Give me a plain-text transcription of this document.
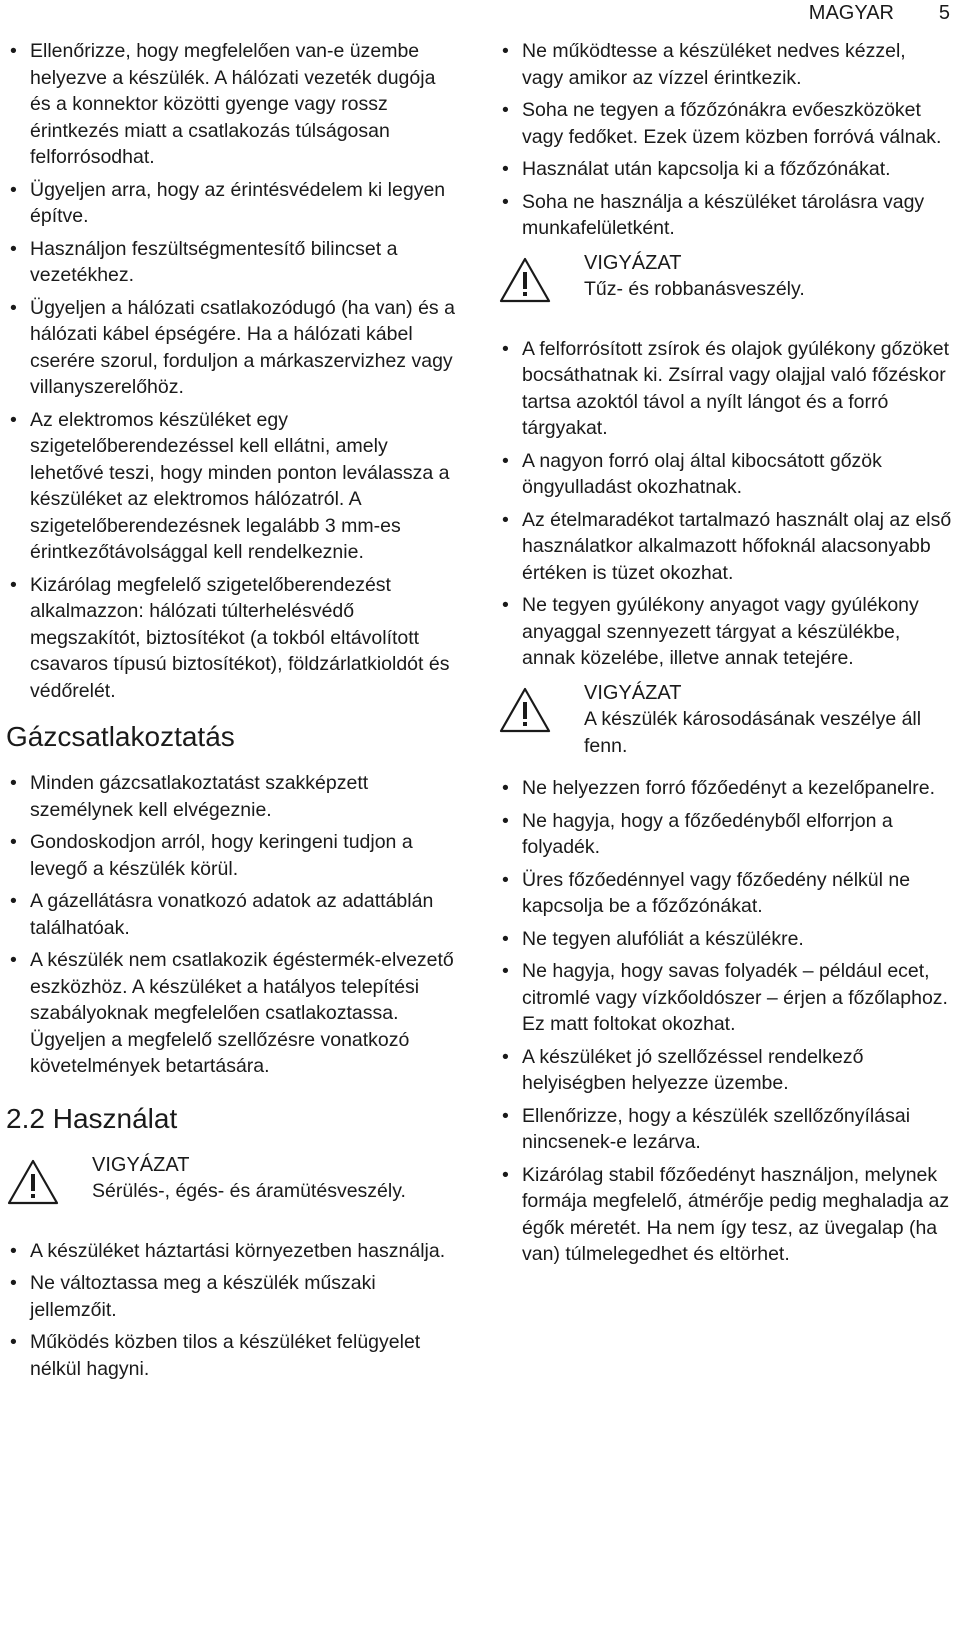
MAGYAR 5
• Ellenőrizze, hogy megfelelően van-e üzembe helyezve a készülék. A hálózati vezeték dugója és a konnektor közötti gyenge vagy rossz érintkezés miatt a csatlakozás túlságosan felforrósodhat.
• Ügyeljen arra, hogy az érintésvédelem ki legyen építve.
• Használjon feszültségmentesítő bilincset a vezetékhez.
• Ügyeljen a hálózati csatlakozódugó (ha van) és a hálózati kábel épségére. Ha a hálózati kábel cserére szorul, forduljon a márkaszervizhez vagy villanyszerelőhöz.
• Az elektromos készüléket egy szigetelőberendezéssel kell ellátni, amely lehetővé teszi, hogy minden ponton leválassza a készüléket az elektromos hálózatról. A szigetelőberendezésnek legalább 3 mm-es érintkezőtávolsággal kell rendelkeznie.
• Kizárólag megfelelő szigetelőberendezést alkalmazzon: hálózati túlterhelésvédő megszakítót, biztosítékot (a tokból eltávolított csavaros típusú biztosítékot), földzárlatkioldót és védőrelét.
Gázcsatlakoztatás
• Minden gázcsatlakoztatást szakképzett személynek kell elvégeznie.
• Gondoskodjon arról, hogy keringeni tudjon a levegő a készülék körül.
• A gázellátásra vonatkozó adatok az adattáblán találhatóak.
• A készülék nem csatlakozik égéstermék-elvezető eszközhöz. A készüléket a hatályos telepítési szabályoknak megfelelően csatlakoztassa. Ügyeljen a megfelelő szellőzésre vonatkozó követelmények betartására.
2.2 Használat
VIGYÁZAT
Sérülés-, égés- és áramütésveszély.
• A készüléket háztartási környezetben használja.
• Ne változtassa meg a készülék műszaki jellemzőit.
• Működés közben tilos a készüléket felügyelet nélkül hagyni.
• Ne működtesse a készüléket nedves kézzel, vagy amikor az vízzel érintkezik.
• Soha ne tegyen a főzőzónákra evőeszközöket vagy fedőket. Ezek üzem közben forróvá válnak.
• Használat után kapcsolja ki a főzőzónákat.
• Soha ne használja a készüléket tárolásra vagy munkafelületként.
VIGYÁZAT
Tűz- és robbanásveszély.
• A felforrósított zsírok és olajok gyúlékony gőzöket bocsáthatnak ki. Zsírral vagy olajjal való főzéskor tartsa azoktól távol a nyílt lángot és a forró tárgyakat.
• A nagyon forró olaj által kibocsátott gőzök öngyulladást okozhatnak.
• Az ételmaradékot tartalmazó használt olaj az első használatkor alkalmazott hőfoknál alacsonyabb értéken is tüzet okozhat.
• Ne tegyen gyúlékony anyagot vagy gyúlékony anyaggal szennyezett tárgyat a készülékbe, annak közelébe, illetve annak tetejére.
VIGYÁZAT
A készülék károsodásának veszélye áll fenn.
• Ne helyezzen forró főzőedényt a kezelőpanelre.
• Ne hagyja, hogy a főzőedényből elforrjon a folyadék.
• Üres főzőedénnyel vagy főzőedény nélkül ne kapcsolja be a főzőzónákat.
• Ne tegyen alufóliát a készülékre.
• Ne hagyja, hogy savas folyadék – például ecet, citromlé vagy vízkőoldószer – érjen a főzőlaphoz. Ez matt foltokat okozhat.
• A készüléket jó szellőzéssel rendelkező helyiségben helyezze üzembe.
• Ellenőrizze, hogy a készülék szellőzőnyílásai nincsenek-e lezárva.
• Kizárólag stabil főzőedényt használjon, melynek formája megfelelő, átmérője pedig meghaladja az égők méretét. Ha nem így tesz, az üvegalap (ha van) túlmelegedhet és eltörhet.
